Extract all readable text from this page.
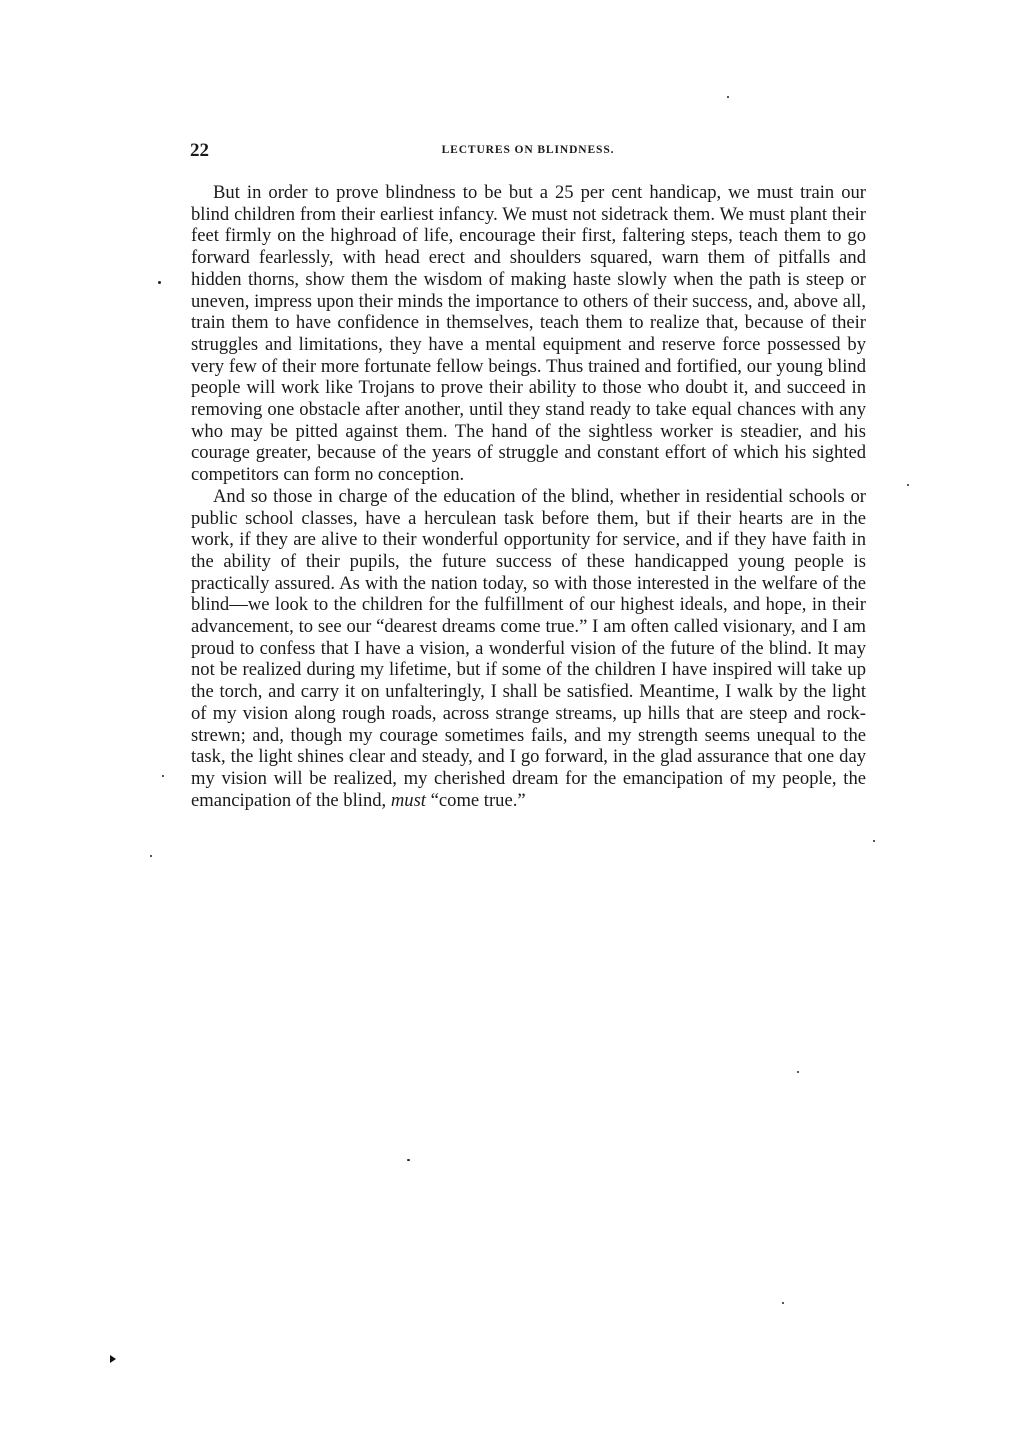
22	LECTURES ON BLINDNESS.

But in order to prove blindness to be but a 25 per cent handicap, we must train our blind children from their earliest infancy. We must not sidetrack them. We must plant their feet firmly on the highroad of life, encourage their first, faltering steps, teach them to go forward fearlessly, with head erect and shoulders squared, warn them of pitfalls and hidden thorns, show them the wisdom of making haste slowly when the path is steep or uneven, impress upon their minds the importance to others of their success, and, above all, train them to have confidence in themselves, teach them to realize that, because of their struggles and limitations, they have a mental equipment and reserve force possessed by very few of their more fortunate fellow beings. Thus trained and fortified, our young blind people will work like Trojans to prove their ability to those who doubt it, and succeed in removing one obstacle after another, until they stand ready to take equal chances with any who may be pitted against them. The hand of the sightless worker is steadier, and his courage greater, because of the years of struggle and constant effort of which his sighted competitors can form no conception.

And so those in charge of the education of the blind, whether in residential schools or public school classes, have a herculean task before them, but if their hearts are in the work, if they are alive to their wonderful opportunity for service, and if they have faith in the ability of their pupils, the future success of these handicapped young people is practically assured. As with the nation today, so with those interested in the welfare of the blind—we look to the children for the fulfillment of our highest ideals, and hope, in their advancement, to see our “dearest dreams come true.” I am often called visionary, and I am proud to confess that I have a vision, a wonderful vision of the future of the blind. It may not be realized during my lifetime, but if some of the children I have inspired will take up the torch, and carry it on unfalteringly, I shall be satisfied. Meantime, I walk by the light of my vision along rough roads, across strange streams, up hills that are steep and rock-strewn; and, though my courage sometimes fails, and my strength seems unequal to the task, the light shines clear and steady, and I go forward, in the glad assurance that one day my vision will be realized, my cherished dream for the emancipation of my people, the emancipation of the blind, must “come true.”
